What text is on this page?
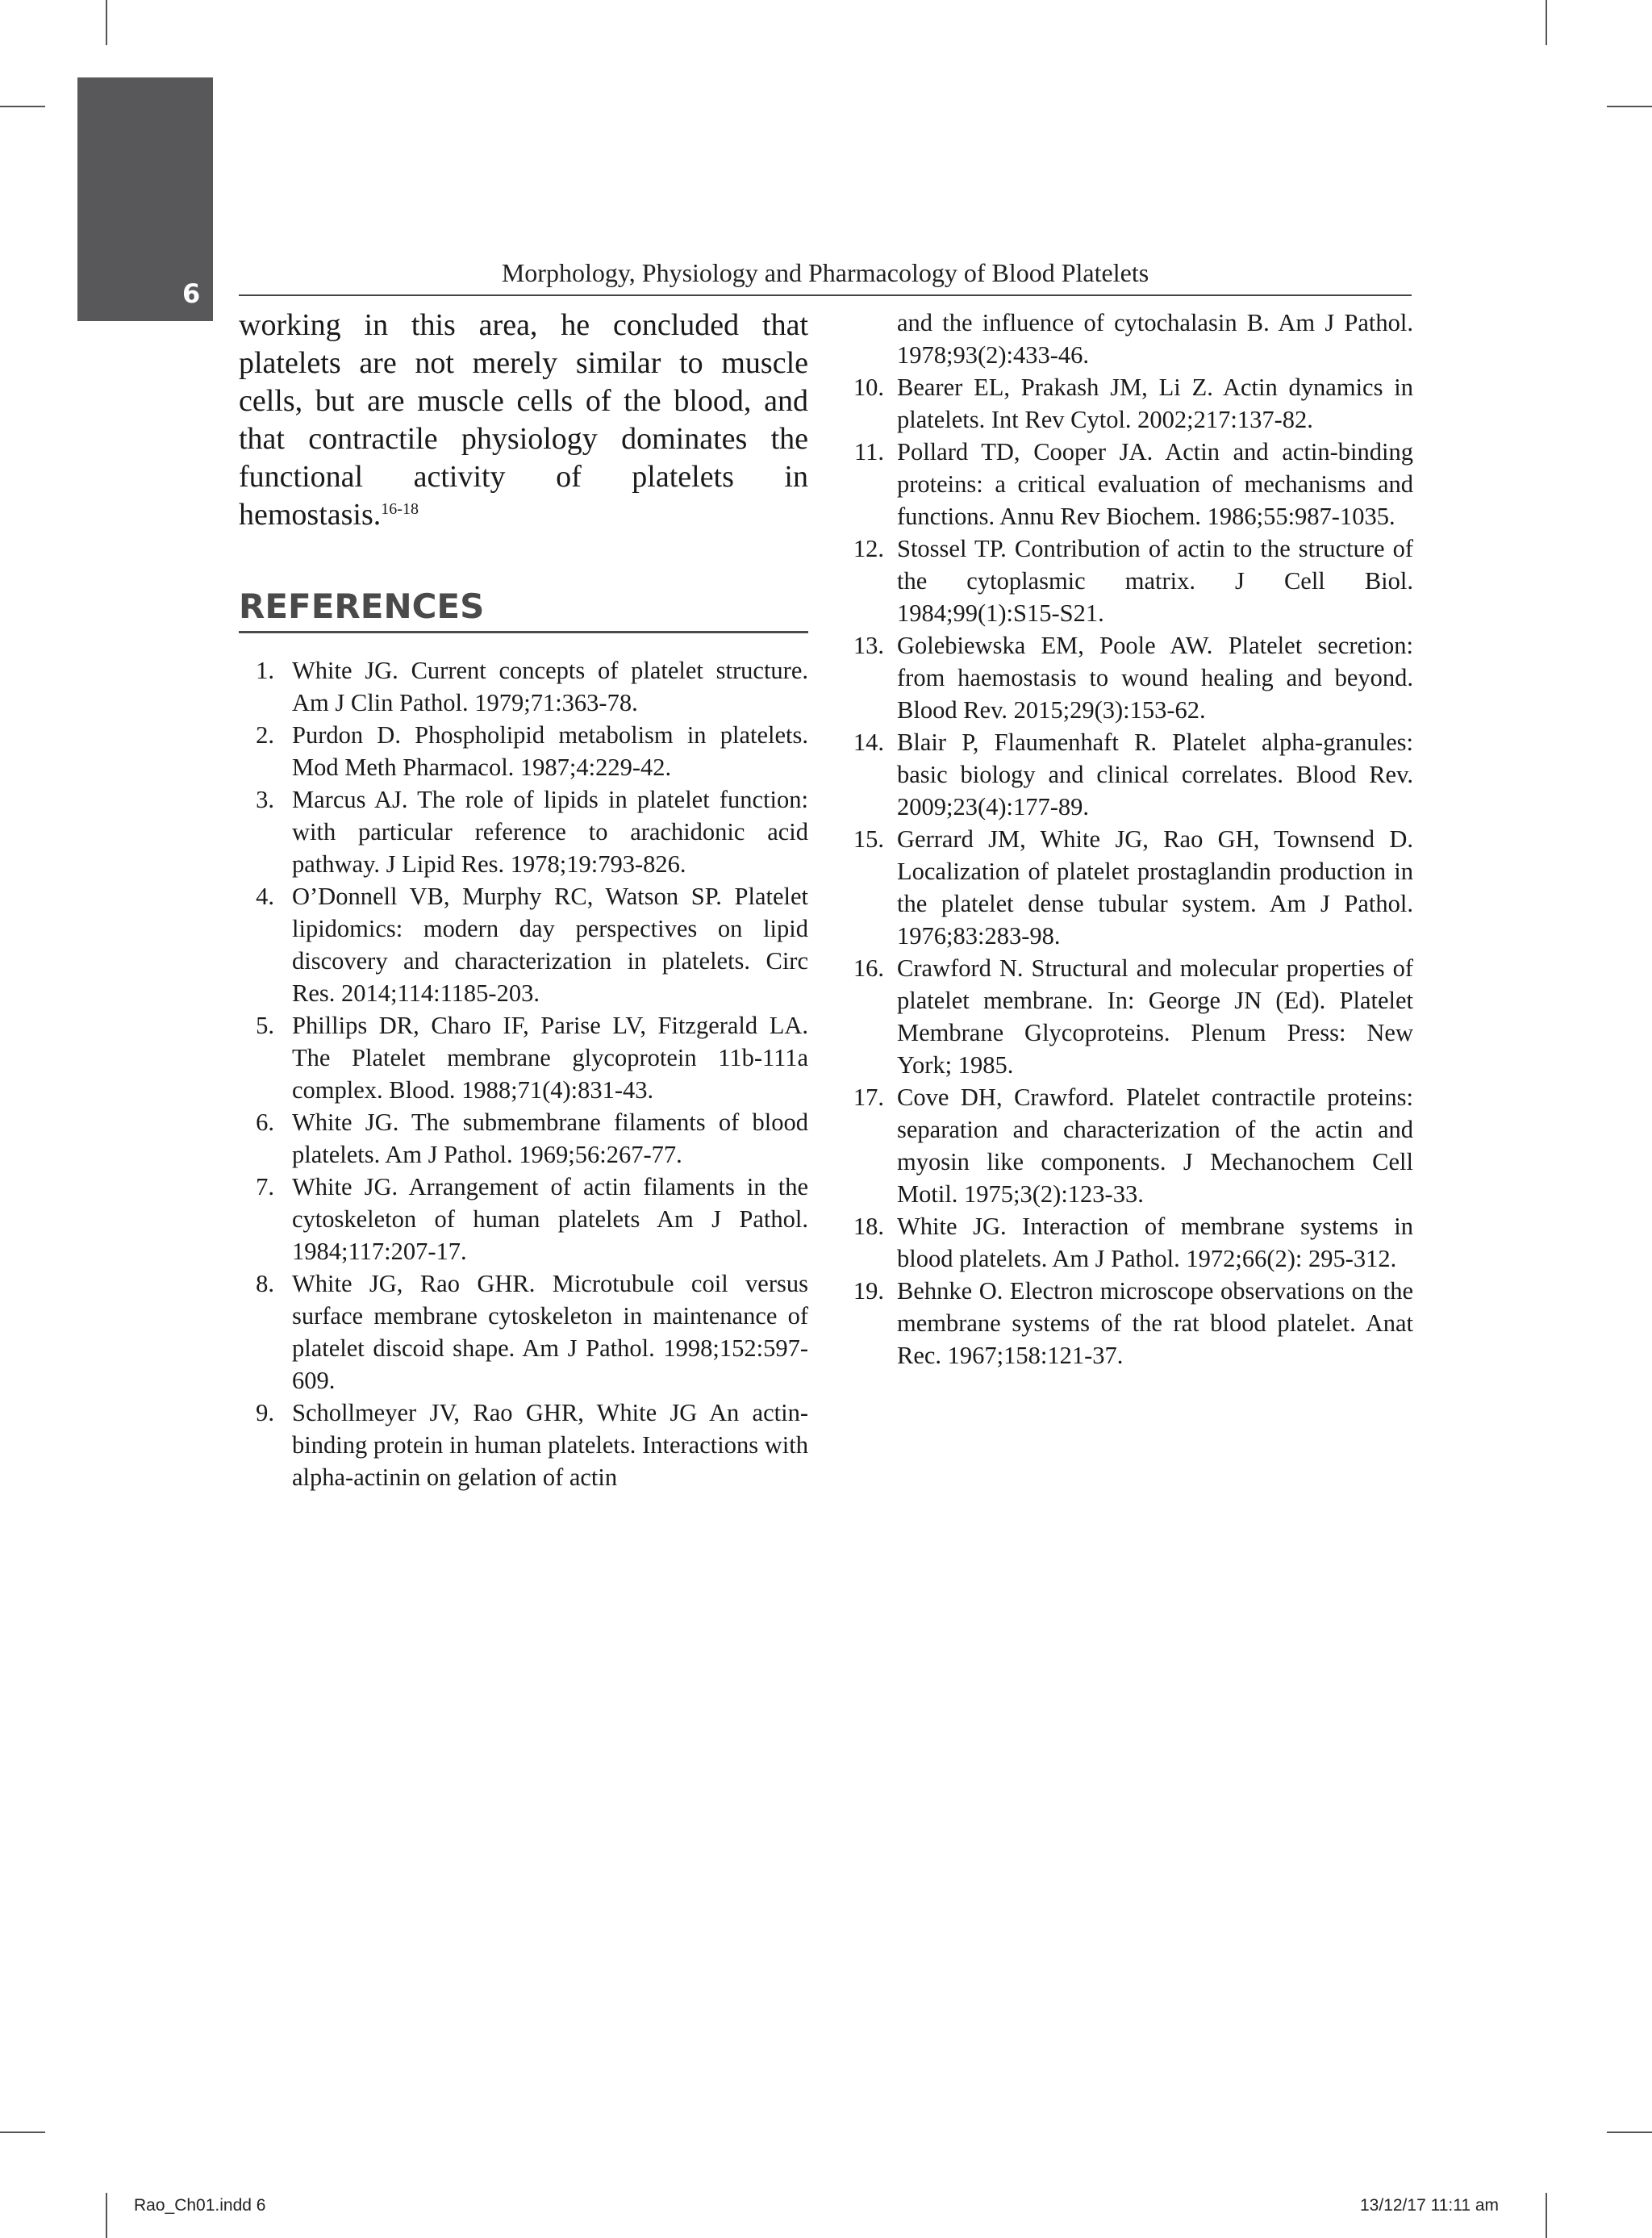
6
Morphology, Physiology and Pharmacology of Blood Platelets

working in this area, he concluded that platelets are not merely similar to muscle cells, but are muscle cells of the blood, and that contractile physiology dominates the functional activity of platelets in hemostasis.$^{16-18}$

REFERENCES
1. White JG. Current concepts of platelet structure. Am J Clin Pathol. 1979;71:363-78.
2. Purdon D. Phospholipid metabolism in platelets. Mod Meth Pharmacol. 1987;4:229-42.
3. Marcus AJ. The role of lipids in platelet function: with particular reference to arachidonic acid pathway. J Lipid Res. 1978;19:793-826.
4. O’Donnell VB, Murphy RC, Watson SP. Platelet lipidomics: modern day perspectives on lipid discovery and characterization in platelets. Circ Res. 2014;114:1185-203.
5. Phillips DR, Charo IF, Parise LV, Fitzgerald LA. The Platelet membrane glycoprotein 11b-111a complex. Blood. 1988;71(4):831-43.
6. White JG. The submembrane filaments of blood platelets. Am J Pathol. 1969;56:267-77.
7. White JG. Arrangement of actin filaments in the cytoskeleton of human platelets Am J Pathol. 1984;117:207-17.
8. White JG, Rao GHR. Microtubule coil versus surface membrane cytoskeleton in maintenance of platelet discoid shape. Am J Pathol. 1998;152:597-609.
9. Schollmeyer JV, Rao GHR, White JG An actin-binding protein in human platelets. Interactions with alpha-actinin on gelation of actin
and the influence of cytochalasin B. Am J Pathol. 1978;93(2):433-46.
10. Bearer EL, Prakash JM, Li Z. Actin dynamics in platelets. Int Rev Cytol. 2002;217:137-82.
11. Pollard TD, Cooper JA. Actin and actin-binding proteins: a critical evaluation of mechanisms and functions. Annu Rev Biochem. 1986;55:987-1035.
12. Stossel TP. Contribution of actin to the structure of the cytoplasmic matrix. J Cell Biol. 1984;99(1):S15-S21.
13. Golebiewska EM, Poole AW. Platelet secretion: from haemostasis to wound healing and beyond. Blood Rev. 2015;29(3):153-62.
14. Blair P, Flaumenhaft R. Platelet alpha-granules: basic biology and clinical correlates. Blood Rev. 2009;23(4):177-89.
15. Gerrard JM, White JG, Rao GH, Townsend D. Localization of platelet prostaglandin production in the platelet dense tubular system. Am J Pathol. 1976;83:283-98.
16. Crawford N. Structural and molecular properties of platelet membrane. In: George JN (Ed). Platelet Membrane Glycoproteins. Plenum Press: New York; 1985.
17. Cove DH, Crawford. Platelet contractile proteins: separation and characterization of the actin and myosin like components. J Mechanochem Cell Motil. 1975;3(2):123-33.
18. White JG. Interaction of membrane systems in blood platelets. Am J Pathol. 1972;66(2): 295-312.
19. Behnke O. Electron microscope observations on the membrane systems of the rat blood platelet. Anat Rec. 1967;158:121-37.
Rao_Ch01.indd 6	13/12/17 11:11 am
